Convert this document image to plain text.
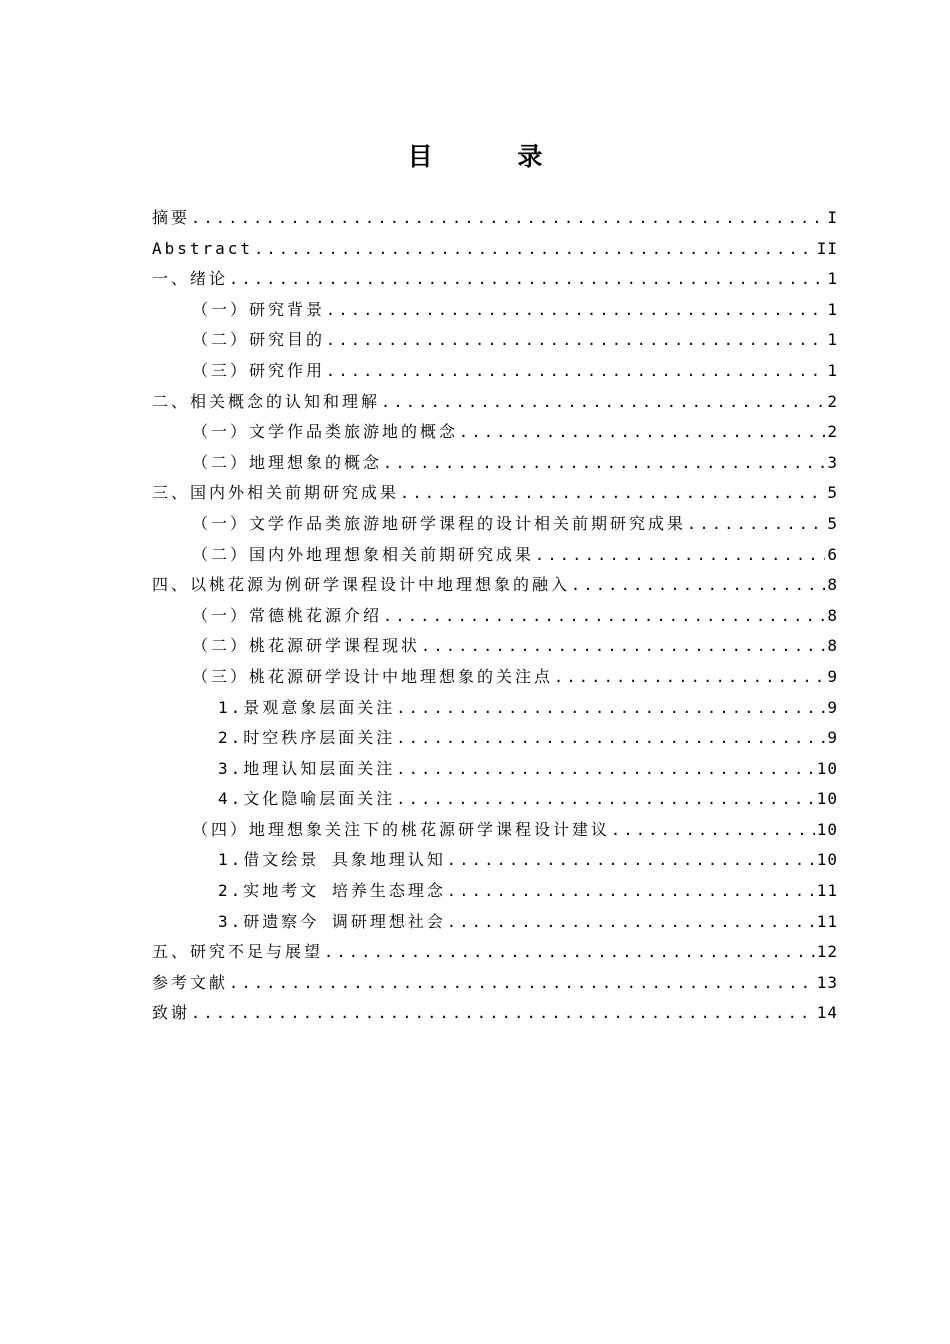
目 录
摘要 .....	I
Abstract .....	II
一、绪论 .....	1
（一）研究背景 .....	1
（二）研究目的 .....	1
（三）研究作用 .....	1
二、相关概念的认知和理解 .....	2
（一）文学作品类旅游地的概念 .....	2
（二）地理想象的概念 .....	3
三、国内外相关前期研究成果 .....	5
（一）文学作品类旅游地研学课程的设计相关前期研究成果 .....	5
（二）国内外地理想象相关前期研究成果 .....	6
四、以桃花源为例研学课程设计中地理想象的融入 .....	8
（一）常德桃花源介绍 .....	8
（二）桃花源研学课程现状 .....	8
（三）桃花源研学设计中地理想象的关注点 .....	9
1.景观意象层面关注 .....	9
2.时空秩序层面关注 .....	9
3.地理认知层面关注 .....	10
4.文化隐喻层面关注 .....	10
（四）地理想象关注下的桃花源研学课程设计建议 .....	10
1.借文绘景 具象地理认知 .....	10
2.实地考文 培养生态理念 .....	11
3.研遗察今 调研理想社会 .....	11
五、研究不足与展望 .....	12
参考文献 .....	13
致谢 .....	14
